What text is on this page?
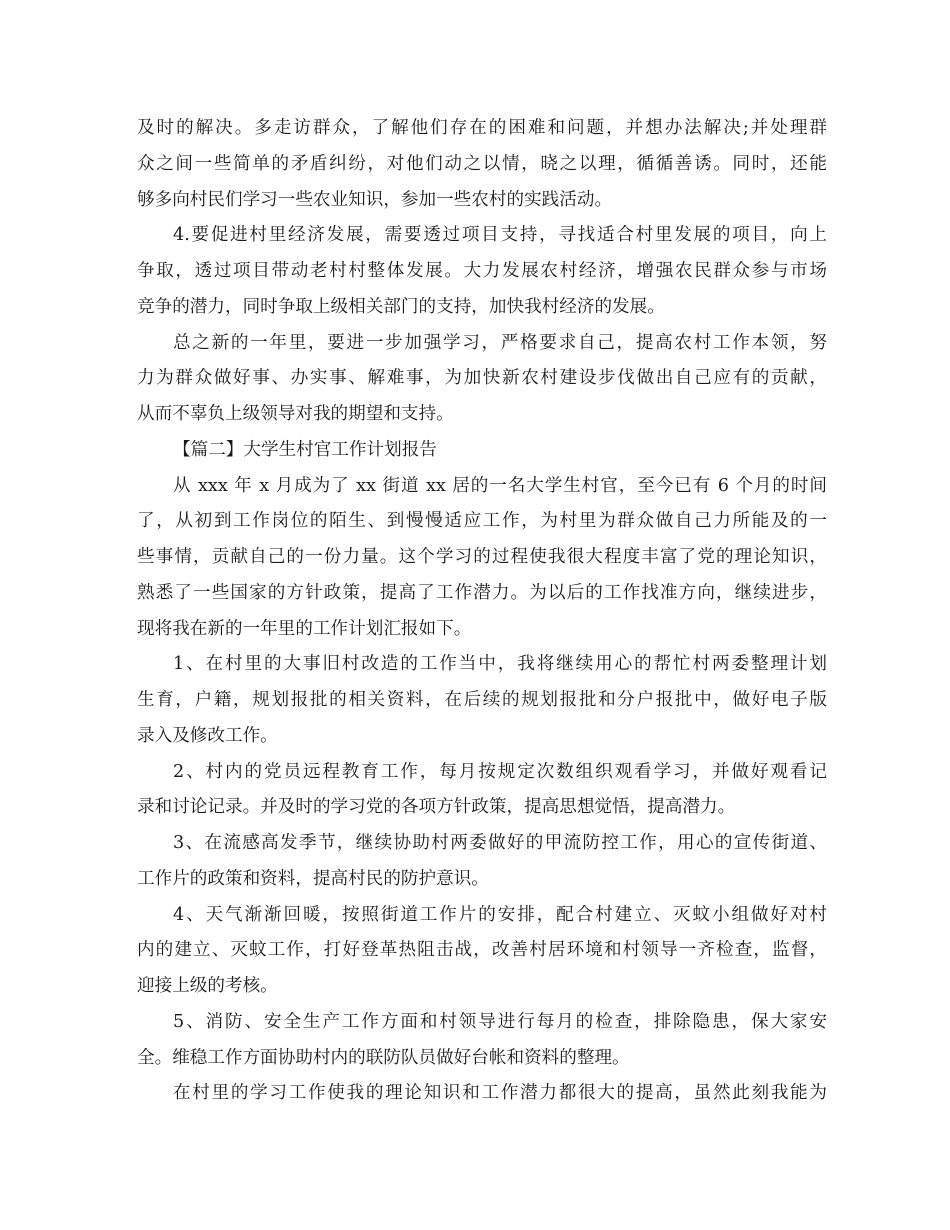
及时的解决。多走访群众，了解他们存在的困难和问题，并想办法解决;并处理群
众之间一些简单的矛盾纠纷，对他们动之以情，晓之以理，循循善诱。同时，还能
够多向村民们学习一些农业知识，参加一些农村的实践活动。
4.要促进村里经济发展，需要透过项目支持，寻找适合村里发展的项目，向上
争取，透过项目带动老村村整体发展。大力发展农村经济，增强农民群众参与市场
竞争的潜力，同时争取上级相关部门的支持，加快我村经济的发展。
总之新的一年里，要进一步加强学习，严格要求自己，提高农村工作本领，努
力为群众做好事、办实事、解难事，为加快新农村建设步伐做出自己应有的贡献，
从而不辜负上级领导对我的期望和支持。
【篇二】大学生村官工作计划报告
从 xxx 年 x 月成为了 xx 街道 xx 居的一名大学生村官，至今已有 6 个月的时间
了，从初到工作岗位的陌生、到慢慢适应工作，为村里为群众做自己力所能及的一
些事情，贡献自己的一份力量。这个学习的过程使我很大程度丰富了党的理论知识，
熟悉了一些国家的方针政策，提高了工作潜力。为以后的工作找准方向，继续进步，
现将我在新的一年里的工作计划汇报如下。
1、在村里的大事旧村改造的工作当中，我将继续用心的帮忙村两委整理计划
生育，户籍，规划报批的相关资料，在后续的规划报批和分户报批中，做好电子版
录入及修改工作。
2、村内的党员远程教育工作，每月按规定次数组织观看学习，并做好观看记
录和讨论记录。并及时的学习党的各项方针政策，提高思想觉悟，提高潜力。
3、在流感高发季节，继续协助村两委做好的甲流防控工作，用心的宣传街道、
工作片的政策和资料，提高村民的防护意识。
4、天气渐渐回暖，按照街道工作片的安排，配合村建立、灭蚊小组做好对村
内的建立、灭蚊工作，打好登革热阻击战，改善村居环境和村领导一齐检查，监督，
迎接上级的考核。
5、消防、安全生产工作方面和村领导进行每月的检查，排除隐患，保大家安
全。维稳工作方面协助村内的联防队员做好台帐和资料的整理。
在村里的学习工作使我的理论知识和工作潜力都很大的提高，虽然此刻我能为
